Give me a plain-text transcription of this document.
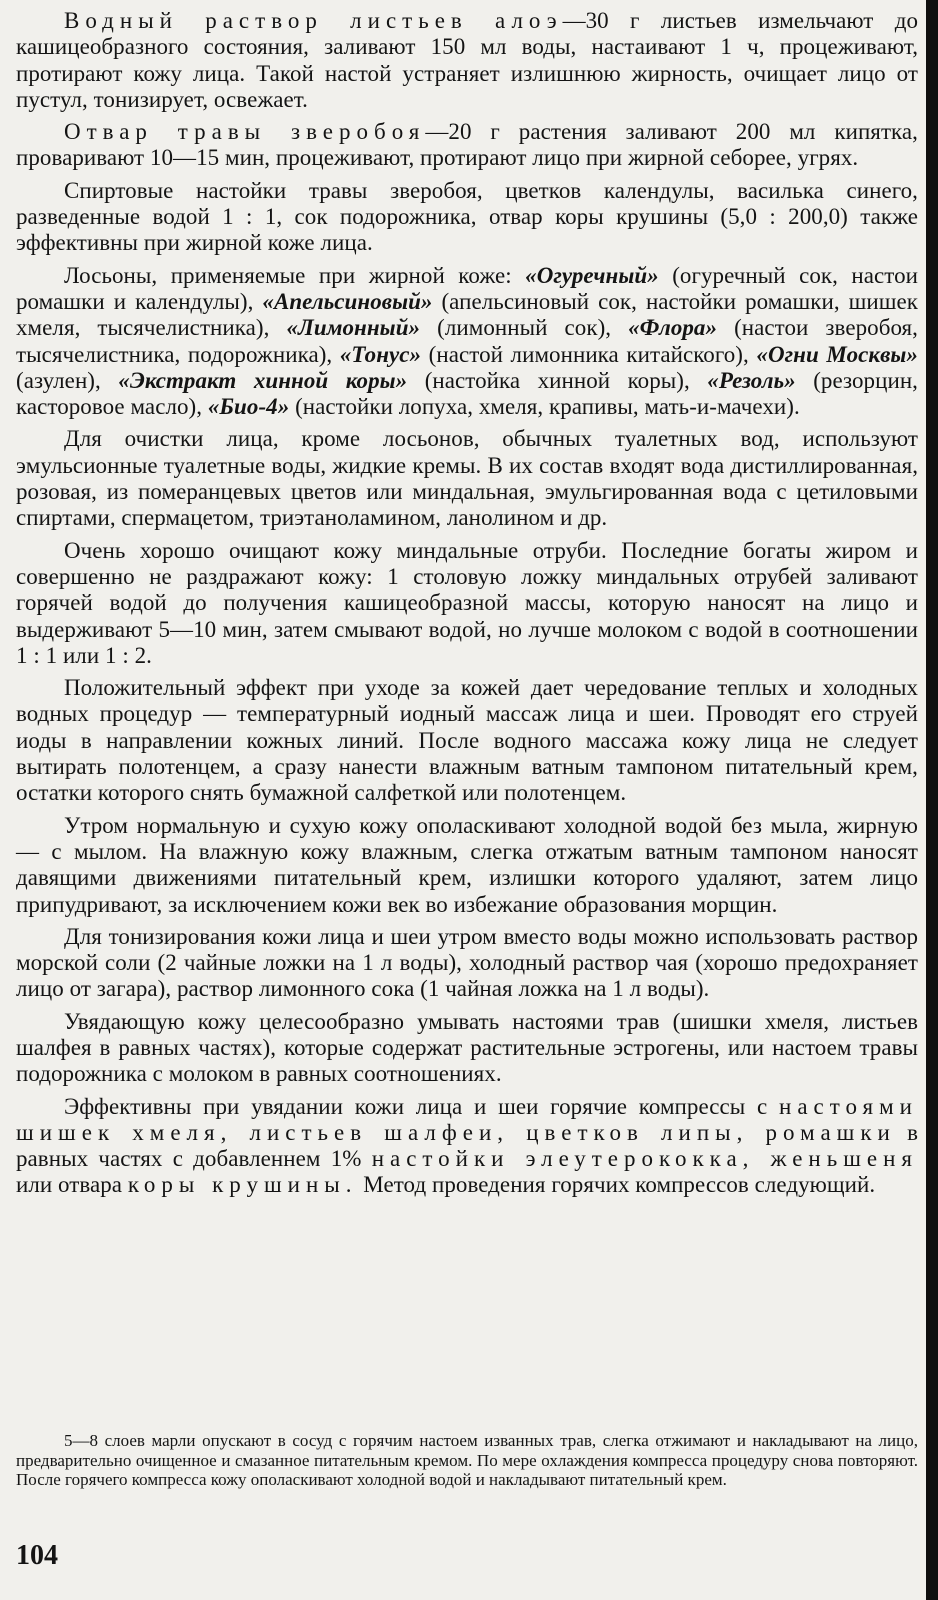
Водный раствор листьев алоэ—30 г листьев измельчают до кашицеобразного состояния, заливают 150 мл воды, настаивают 1 ч, процеживают, протирают кожу лица. Такой настой устраняет излишнюю жирность, очищает лицо от пустул, тонизирует, освежает.

Отвар травы зверобоя—20 г растения заливают 200 мл кипятка, проваривают 10—15 мин, процеживают, протирают лицо при жирной себорее, угрях.

Спиртовые настойки травы зверобоя, цветков календулы, василька синего, разведенные водой 1 : 1, сок подорожника, отвар коры крушины (5,0 : 200,0) также эффективны при жирной коже лица.

Лосьоны, применяемые при жирной коже: «Огуречный» (огуречный сок, настои ромашки и календулы), «Апельсиновый» (апельсиновый сок, настойки ромашки, шишек хмеля, тысячелистника), «Лимонный» (лимонный сок), «Флора» (настои зверобоя, тысячелистника, подорожника), «Тонус» (настой лимонника китайского), «Огни Москвы» (азулен), «Экстракт хинной коры» (настойка хинной коры), «Резоль» (резорцин, касторовое масло), «Био-4» (настойки лопуха, хмеля, крапивы, мать-и-мачехи).

Для очистки лица, кроме лосьонов, обычных туалетных вод, используют эмульсионные туалетные воды, жидкие кремы. В их состав входят вода дистиллированная, розовая, из померанцевых цветов или миндальная, эмульгированная вода с цетиловыми спиртами, спермацетом, триэтаноламином, ланолином и др.

Очень хорошо очищают кожу миндальные отруби. Последние богаты жиром и совершенно не раздражают кожу: 1 столовую ложку миндальных отрубей заливают горячей водой до получения кашицеобразной массы, которую наносят на лицо и выдерживают 5—10 мин, затем смывают водой, но лучше молоком с водой в соотношении 1 : 1 или 1 : 2.

Положительный эффект при уходе за кожей дает чередование теплых и холодных водных процедур — температурный иодный массаж лица и шеи. Проводят его струей иоды в направлении кожных линий. После водного массажа кожу лица не следует вытирать полотенцем, а сразу нанести влажным ватным тампоном питательный крем, остатки которого снять бумажной салфеткой или полотенцем.

Утром нормальную и сухую кожу ополаскивают холодной водой без мыла, жирную — с мылом. На влажную кожу влажным, слегка отжатым ватным тампоном наносят давящими движениями питательный крем, излишки которого удаляют, затем лицо припудривают, за исключением кожи век во избежание образования морщин.

Для тонизирования кожи лица и шеи утром вместо воды можно использовать раствор морской соли (2 чайные ложки на 1 л воды), холодный раствор чая (хорошо предохраняет лицо от загара), раствор лимонного сока (1 чайная ложка на 1 л воды).

Увядающую кожу целесообразно умывать настоями трав (шишки хмеля, листьев шалфея в равных частях), которые содержат растительные эстрогены, или настоем травы подорожника с молоком в равных соотношениях.

Эффективны при увядании кожи лица и шеи горячие компрессы с настоями шишек хмеля, листьев шалфеи, цветков липы, ромашки в равных частях с добавленнем 1% настойки элеутерококка, женьшеня или отвара коры крушины. Метод проведения горячих компрессов следующий.

5—8 слоев марли опускают в сосуд с горячим настоем изванных трав, слегка отжимают и накладывают на лицо, предварительно очищенное и смазанное питательным кремом. По мере охлаждения компресса процедуру снова повторяют. После горячего компресса кожу ополаскивают холодной водой и накладывают питательный крем.

104
